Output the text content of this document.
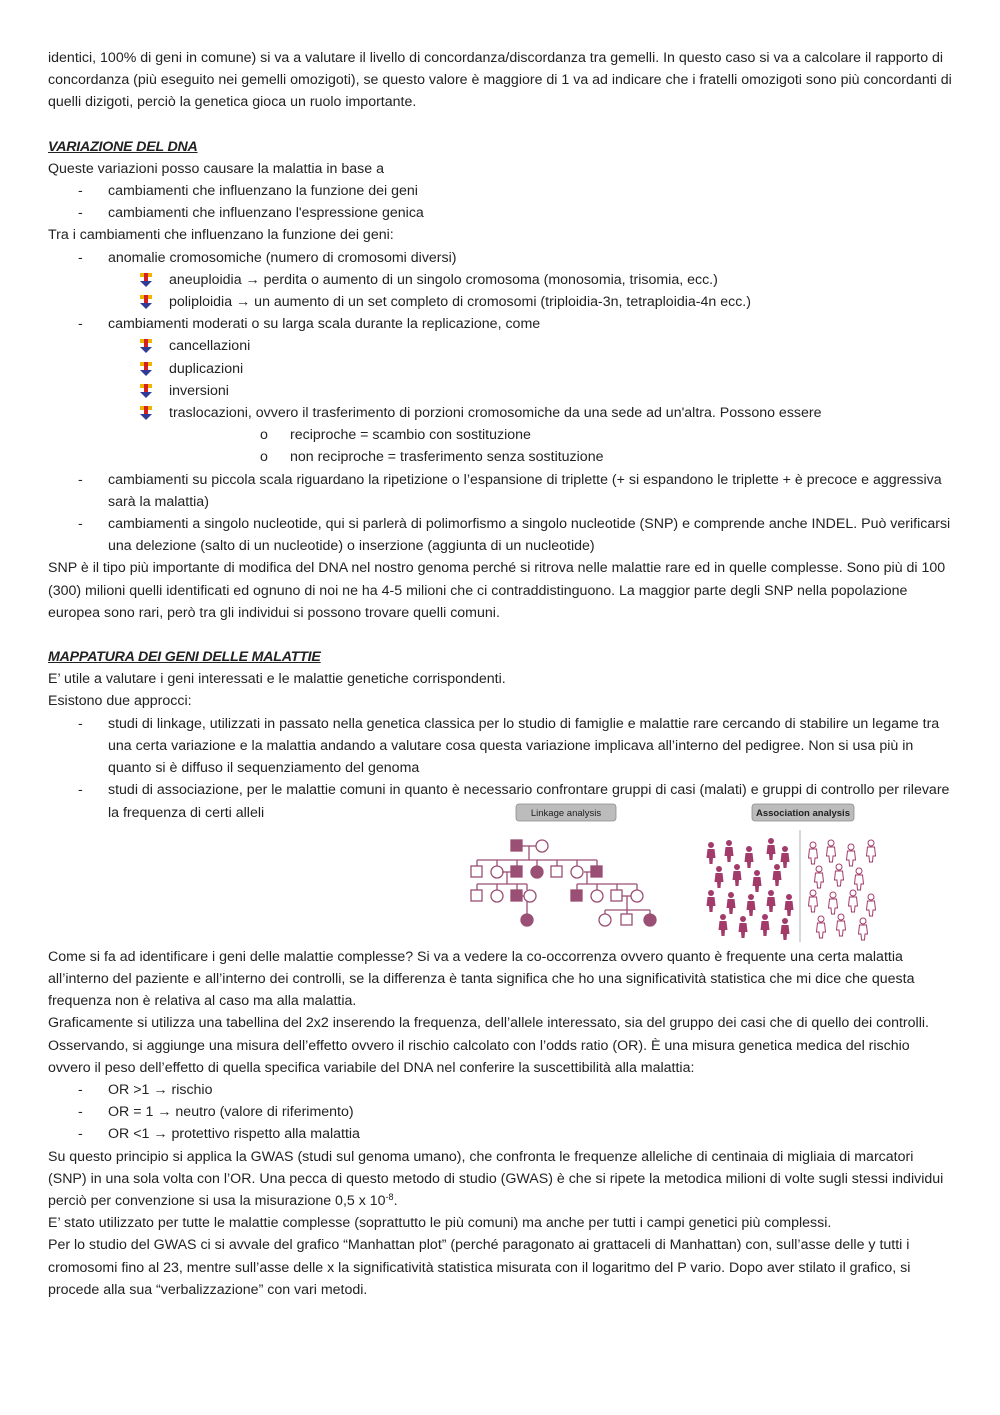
identici, 100% di geni in comune) si va a valutare il livello di concordanza/discordanza tra gemelli. In questo caso si va a calcolare il rapporto di concordanza (più eseguito nei gemelli omozigoti), se questo valore è maggiore di 1 va ad indicare che i fratelli omozigoti sono più concordanti di quelli dizigoti, perciò la genetica gioca un ruolo importante.

VARIAZIONE DEL DNA

Queste variazioni posso causare la malattia in base a

- cambiamenti che influenzano la funzione dei geni
- cambiamenti che influenzano l'espressione genica

Tra i cambiamenti che influenzano la funzione dei geni:

- anomalie cromosomiche (numero di cromosomi diversi)
aneuploidia → perdita o aumento di un singolo cromosoma (monosomia, trisomia, ecc.)
poliploidia → un aumento di un set completo di cromosomi (triploidia-3n, tetraploidia-4n ecc.)
- cambiamenti moderati o su larga scala durante la replicazione, come
cancellazioni
duplicazioni
inversioni
traslocazioni, ovvero il trasferimento di porzioni cromosomiche da una sede ad un'altra. Possono essere
o reciproche = scambio con sostituzione
o non reciproche = trasferimento senza sostituzione
- cambiamenti su piccola scala riguardano la ripetizione o l’espansione di triplette (+ si espandono le triplette + è precoce e aggressiva sarà la malattia)
- cambiamenti a singolo nucleotide, qui si parlerà di polimorfismo a singolo nucleotide (SNP) e comprende anche INDEL. Può verificarsi una delezione (salto di un nucleotide) o inserzione (aggiunta di un nucleotide)

SNP è il tipo più importante di modifica del DNA nel nostro genoma perché si ritrova nelle malattie rare ed in quelle complesse. Sono più di 100 (300) milioni quelli identificati ed ognuno di noi ne ha 4-5 milioni che ci contraddistinguono. La maggior parte degli SNP nella popolazione europea sono rari, però tra gli individui si possono trovare quelli comuni.

MAPPATURA DEI GENI DELLE MALATTIE

E’ utile a valutare i geni interessati e le malattie genetiche corrispondenti.

Esistono due approcci:

- studi di linkage, utilizzati in passato nella genetica classica per lo studio di famiglie e malattie rare cercando di stabilire un legame tra una certa variazione e la malattia andando a valutare cosa questa variazione implicava all’interno del pedigree. Non si usa più in quanto si è diffuso il sequenziamento del genoma
- studi di associazione, per le malattie comuni in quanto è necessario confrontare gruppi di casi (malati) e gruppi di controllo per rilevare la frequenza di certi alleli	Linkage analysis	Association analysis

Come si fa ad identificare i geni delle malattie complesse? Si va a vedere la co-occorrenza ovvero quanto è frequente una certa malattia all’interno del paziente e all’interno dei controlli, se la differenza è tanta significa che ho una significatività statistica che mi dice che questa frequenza non è relativa al caso ma alla malattia.

Graficamente si utilizza una tabellina del 2x2 inserendo la frequenza, dell’allele interessato, sia del gruppo dei casi che di quello dei controlli. Osservando, si aggiunge una misura dell’effetto ovvero il rischio calcolato con l’odds ratio (OR). È una misura genetica medica del rischio ovvero il peso dell’effetto di quella specifica variabile del DNA nel conferire la suscettibilità alla malattia:

- OR >1 → rischio
- OR = 1 → neutro (valore di riferimento)
- OR <1 → protettivo rispetto alla malattia

Su questo principio si applica la GWAS (studi sul genoma umano), che confronta le frequenze alleliche di centinaia di migliaia di marcatori (SNP) in una sola volta con l’OR. Una pecca di questo metodo di studio (GWAS) è che si ripete la metodica milioni di volte sugli stessi individui perciò per convenzione si usa la misurazione 0,5 x $10^{-8}$.

E’ stato utilizzato per tutte le malattie complesse (soprattutto le più comuni) ma anche per tutti i campi genetici più complessi.

Per lo studio del GWAS ci si avvale del grafico “Manhattan plot” (perché paragonato ai grattaceli di Manhattan) con, sull’asse delle y tutti i cromosomi fino al 23, mentre sull’asse delle x la significatività statistica misurata con il logaritmo del P vario. Dopo aver stilato il grafico, si procede alla sua “verbalizzazione” con vari metodi.
